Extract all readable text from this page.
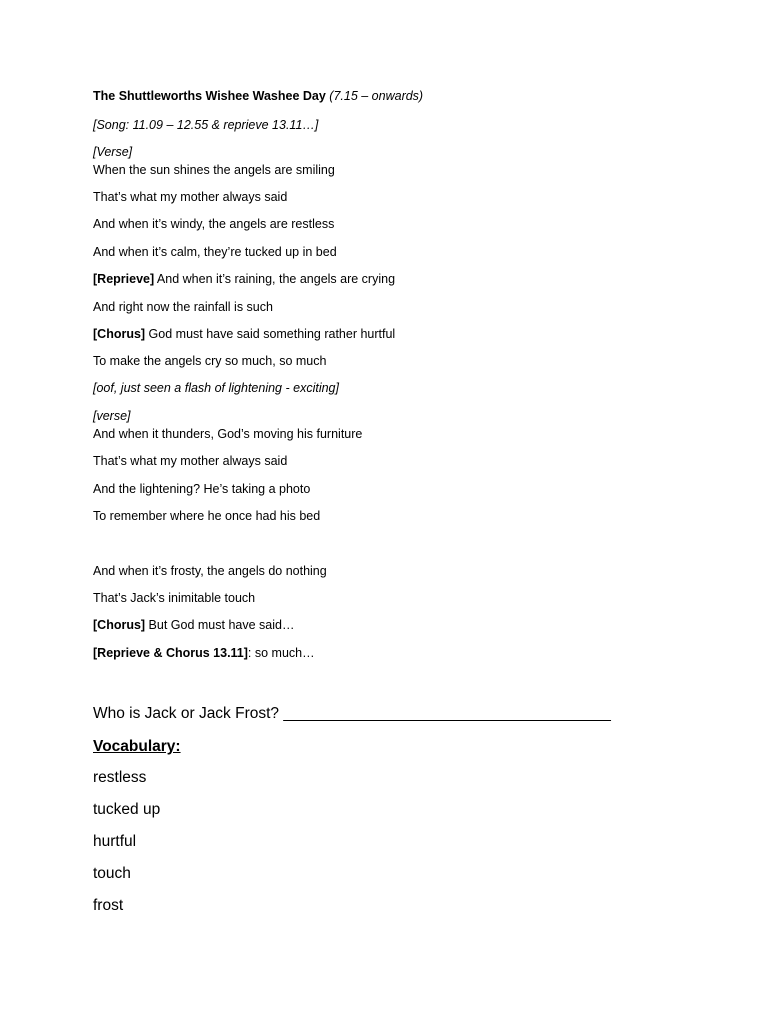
The Shuttleworths Wishee Washee Day (7.15 – onwards)
[Song: 11.09 – 12.55 & reprieve 13.11…]
[Verse]
When the sun shines the angels are smiling
That’s what my mother always said
And when it’s windy, the angels are restless
And when it’s calm, they’re tucked up in bed
[Reprieve] And when it’s raining, the angels are crying
And right now the rainfall is such
[Chorus] God must have said something rather hurtful
To make the angels cry so much, so much
[oof, just seen a flash of lightening - exciting]
[verse]
And when it thunders, God’s moving his furniture
That’s what my mother always said
And the lightening? He’s taking a photo
To remember where he once had his bed
And when it’s frosty, the angels do nothing
That’s Jack’s inimitable touch
[Chorus] But God must have said…
[Reprieve & Chorus 13.11]: so much…
Who is Jack or Jack Frost? ______________________________________
Vocabulary:
restless
tucked up
hurtful
touch
frost
